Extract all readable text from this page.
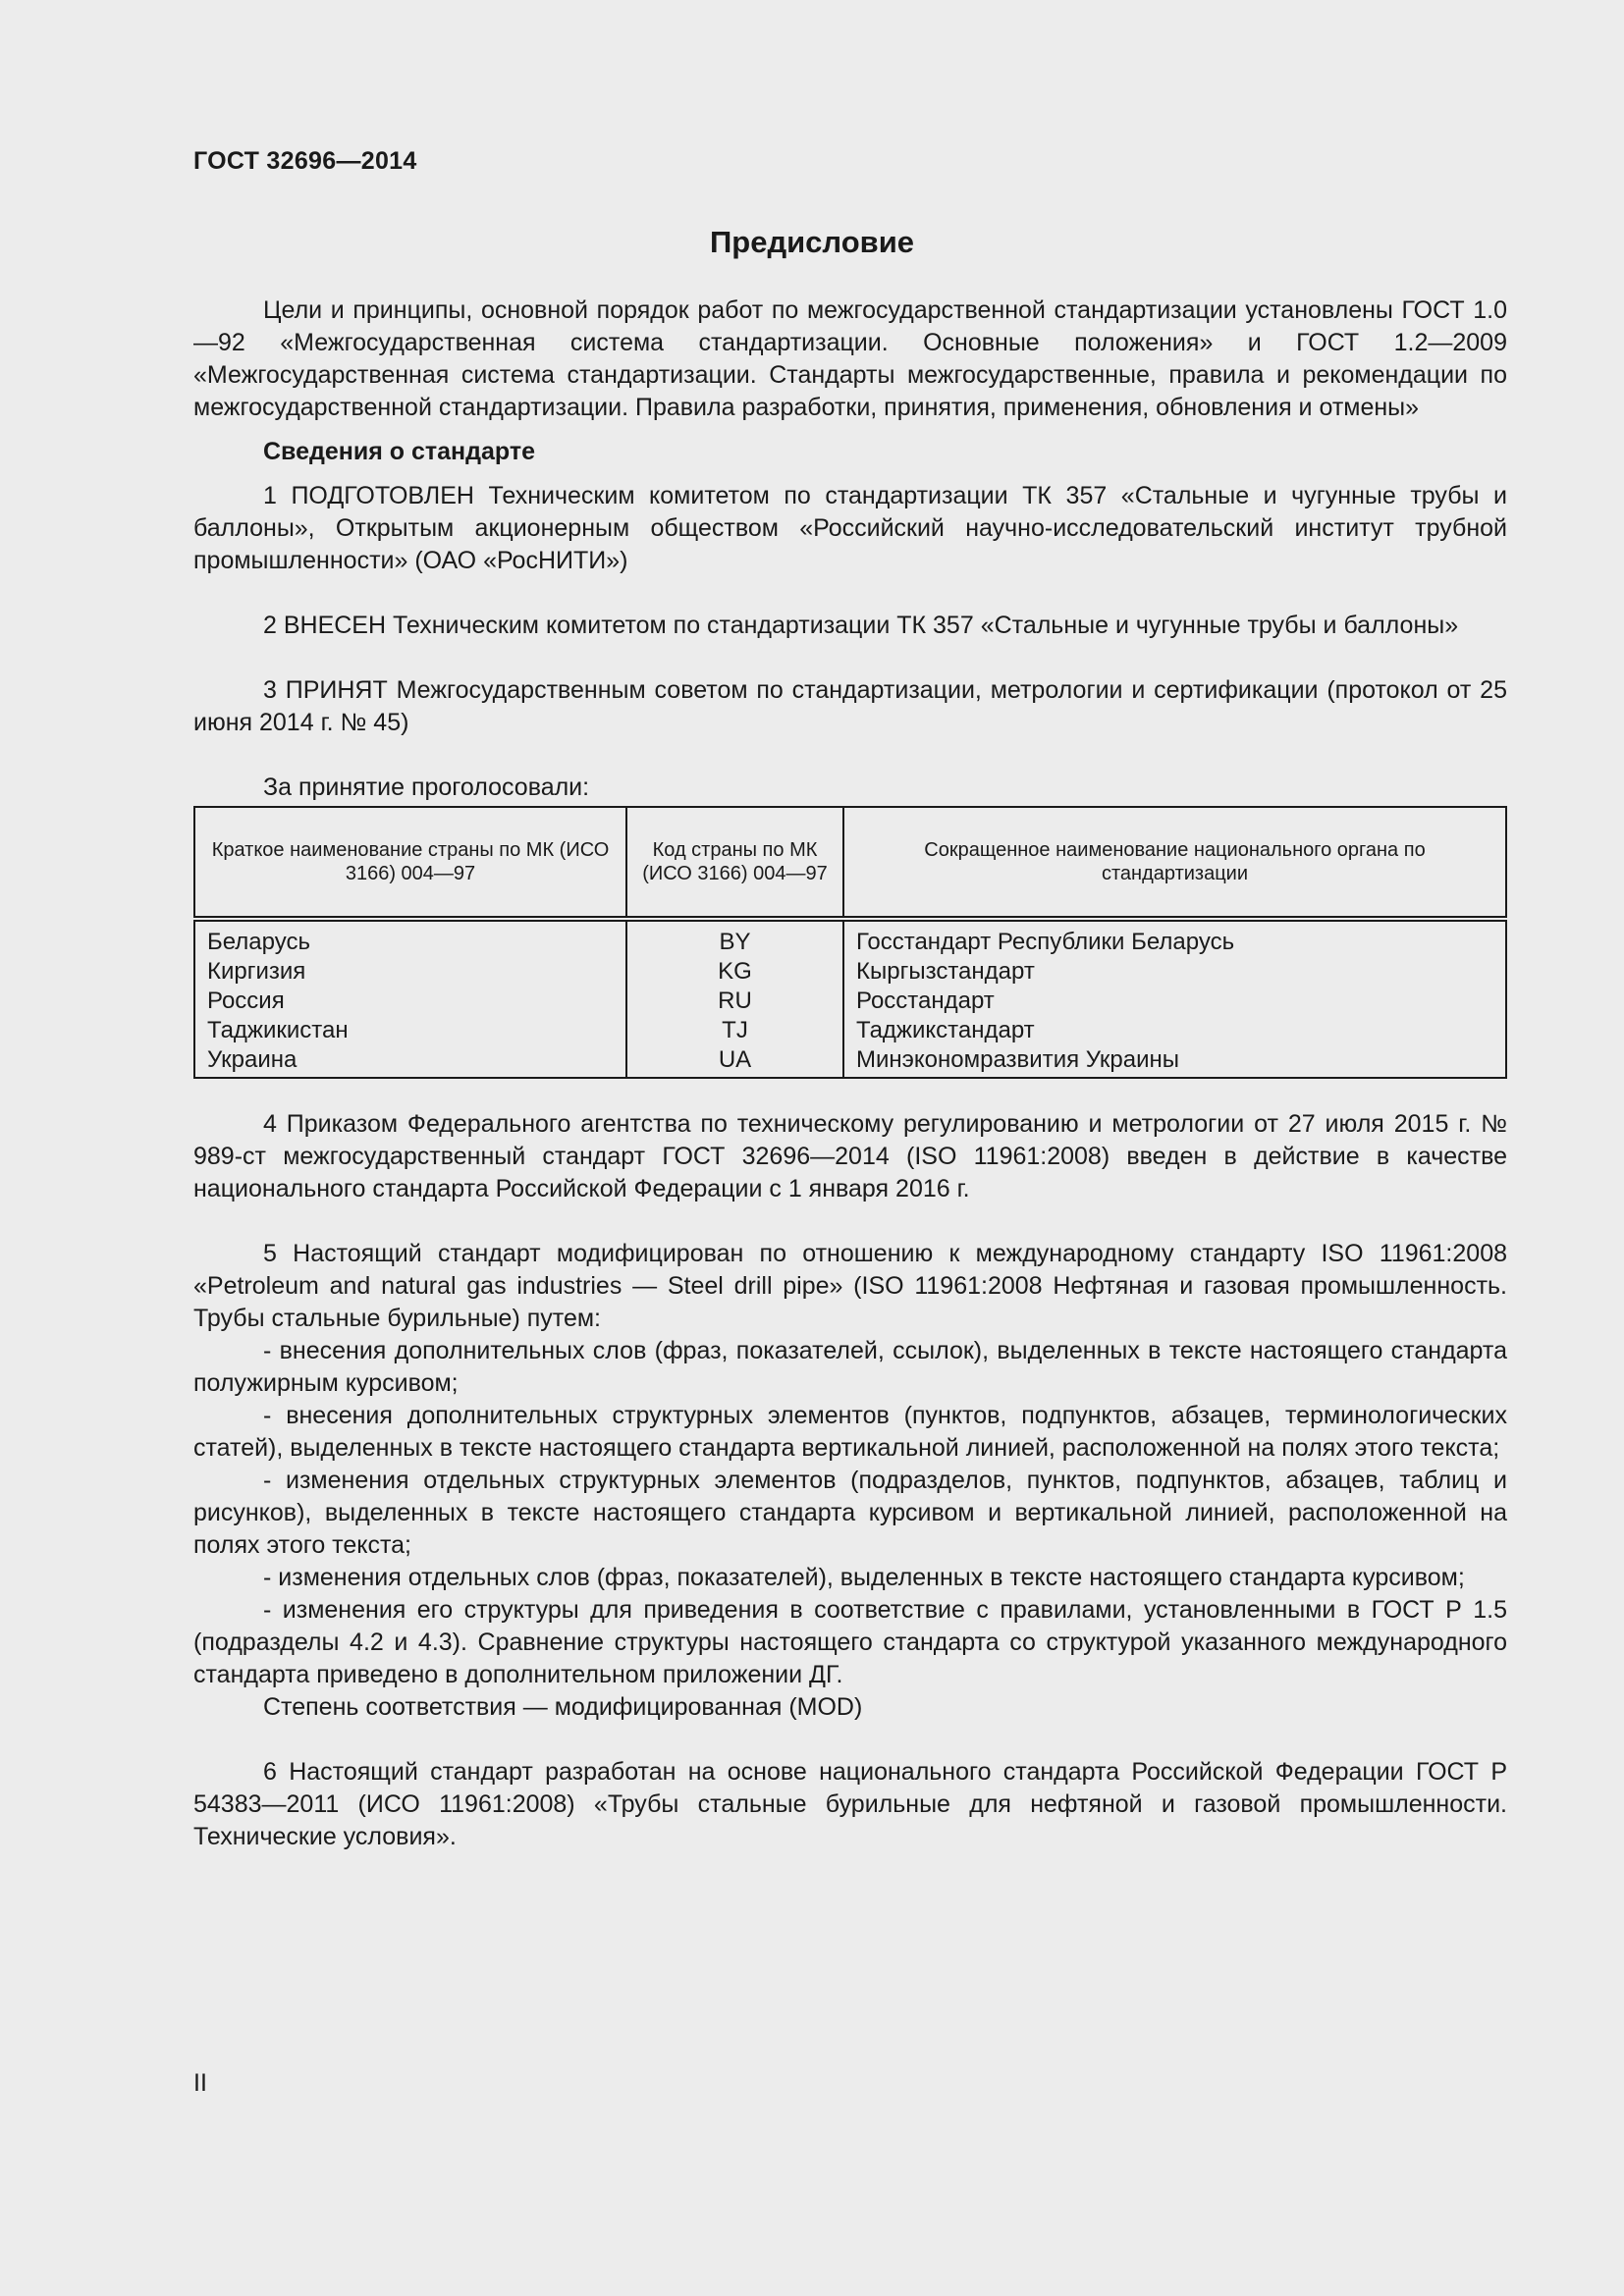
ГОСТ 32696—2014
Предисловие

Цели и принципы, основной порядок работ по межгосударственной стандартизации установлены ГОСТ 1.0—92 «Межгосударственная система стандартизации. Основные положения» и ГОСТ 1.2—2009 «Межгосударственная система стандартизации. Стандарты межгосударственные, правила и рекомендации по межгосударственной стандартизации. Правила разработки, принятия, применения, обновления и отмены»

Сведения о стандарте

1 ПОДГОТОВЛЕН Техническим комитетом по стандартизации ТК 357 «Стальные и чугунные трубы и баллоны», Открытым акционерным обществом «Российский научно-исследовательский институт трубной промышленности» (ОАО «РосНИТИ»)

2 ВНЕСЕН Техническим комитетом по стандартизации ТК 357 «Стальные и чугунные трубы и баллоны»

3 ПРИНЯТ Межгосударственным советом по стандартизации, метрологии и сертификации (протокол от 25 июня 2014 г. № 45)

За принятие проголосовали:

Краткое наименование страны по МК (ИСО 3166) 004—97	Код страны по МК (ИСО 3166) 004—97	Сокращенное наименование национального органа по стандартизации
Беларусь	BY	Госстандарт Республики Беларусь
Киргизия	KG	Кыргызстандарт
Россия	RU	Росстандарт
Таджикистан	TJ	Таджикстандарт
Украина	UA	Минэкономразвития Украины

4 Приказом Федерального агентства по техническому регулированию и метрологии от 27 июля 2015 г. № 989-ст межгосударственный стандарт ГОСТ 32696—2014 (ISO 11961:2008) введен в действие в качестве национального стандарта Российской Федерации с 1 января 2016 г.

5 Настоящий стандарт модифицирован по отношению к международному стандарту ISO 11961:2008 «Petroleum and natural gas industries — Steel drill pipe» (ISO 11961:2008 Нефтяная и газовая промышленность. Трубы стальные бурильные) путем:

- внесения дополнительных слов (фраз, показателей, ссылок), выделенных в тексте настоящего стандарта полужирным курсивом;

- внесения дополнительных структурных элементов (пунктов, подпунктов, абзацев, терминологических статей), выделенных в тексте настоящего стандарта вертикальной линией, расположенной на полях этого текста;

- изменения отдельных структурных элементов (подразделов, пунктов, подпунктов, абзацев, таблиц и рисунков), выделенных в тексте настоящего стандарта курсивом и вертикальной линией, расположенной на полях этого текста;

- изменения отдельных слов (фраз, показателей), выделенных в тексте настоящего стандарта курсивом;

- изменения его структуры для приведения в соответствие с правилами, установленными в ГОСТ Р 1.5 (подразделы 4.2 и 4.3). Сравнение структуры настоящего стандарта со структурой указанного международного стандарта приведено в дополнительном приложении ДГ.

Степень соответствия — модифицированная (MOD)

6 Настоящий стандарт разработан на основе национального стандарта Российской Федерации ГОСТ Р 54383—2011 (ИСО 11961:2008) «Трубы стальные бурильные для нефтяной и газовой промышленности. Технические условия».

II
